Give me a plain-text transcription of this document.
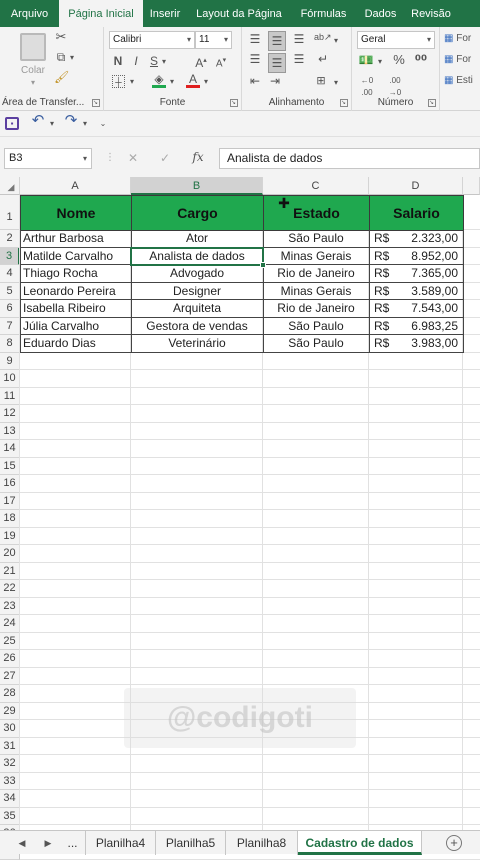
Arquivo	Página Inicial	Inserir	Layout da Página	Fórmulas	Dados	Revisão
Colar
▾
✂
⧉ ▾
🖌
Área de Transfer...	↘
Calibri	▾ 11 ▾
N	I	S ▾ A▴ A▾
┼	▾ ◈ ▾ A ▾
Fonte	↘
☰ ☰ ☰ ab↗ ▾
☰ ☰ ☰ ↵
⇤ ⇥	⊞ ▾
Alinhamento	↘
Geral	▾
💵 ▾ % ⁰⁰
←0 .00
.00 →0
Número	↘
▦ For
▦ For
▦ Esti
▪	↶ ▾ ↷ ▾ ⌄
B3	▾ ⋮ ✕ ✓ fx	Analista de dados
◢	A	B	C	D
1
2
3
4
5
6
7
8
9
10
11
12
13
14
15
16
17
18
19
20
21
22
23
24
25
26
27
28
29
30
31
32
33
34
35
Nome	Cargo	Estado	Salario
Arthur Barbosa	Ator	São Paulo	R$ 2.323,00
Matilde Carvalho	Analista de dados	Minas Gerais	R$ 8.952,00
Thiago Rocha	Advogado	Rio de Janeiro	R$ 7.365,00
Leonardo Pereira	Designer	Minas Gerais	R$ 3.589,00
Isabella Ribeiro	Arquiteta	Rio de Janeiro	R$ 7.543,00
Júlia Carvalho	Gestora de vendas	São Paulo	R$ 6.983,25
Eduardo Dias	Veterinário	São Paulo	R$ 3.983,00
✚
@codigoti
◀ ▶	...	Planilha4	Planilha5	Planilha8	Cadastro de dados	+
